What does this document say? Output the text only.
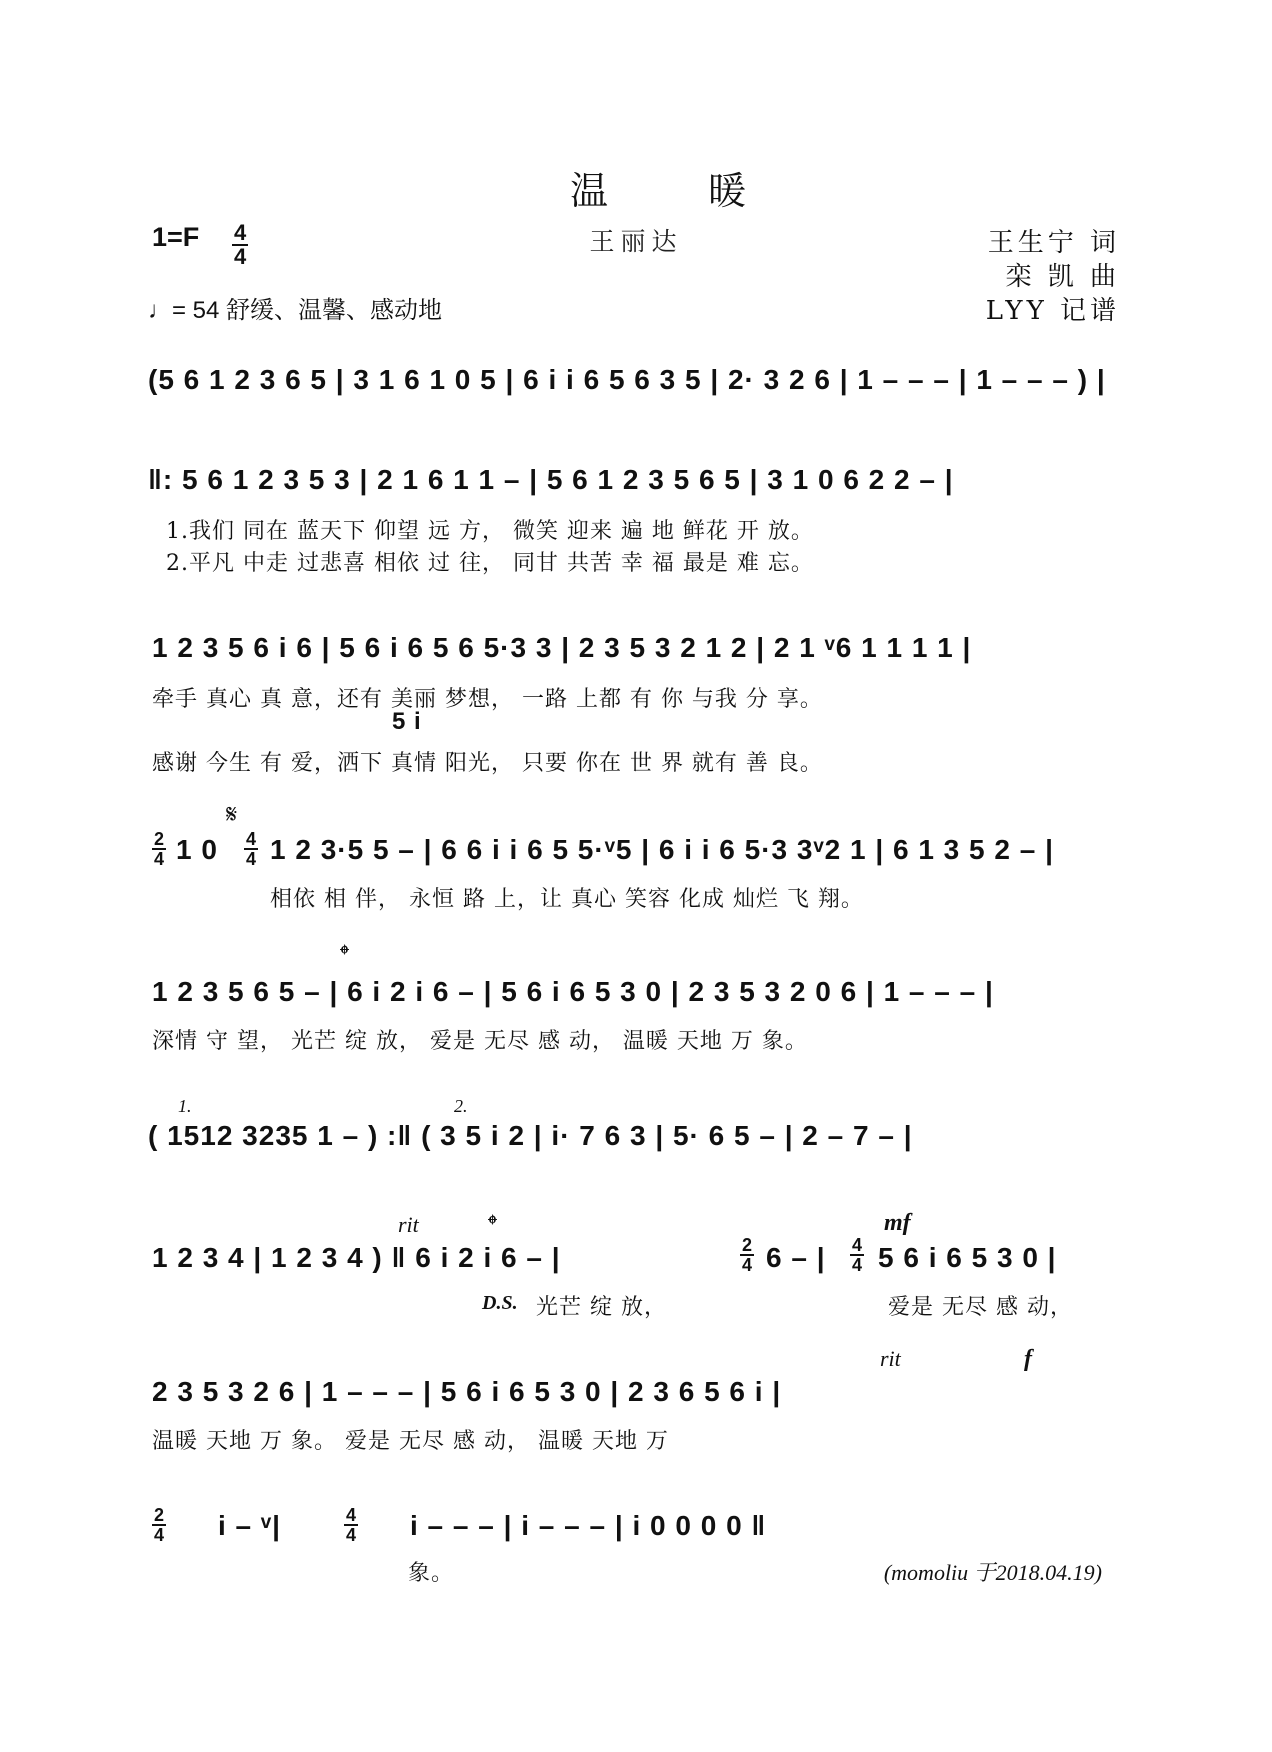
温 暖
王丽达
$1=F \frac{4}{4}$
♩= 54 舒缓、温馨、感动地
王生宁 词
栾 凯 曲
LYY 记谱
(5 6 1 2 3 6 5 | 3 1 6 1 0 5 | 6 i i 6 5 6 3 5 | 2· 3 2 6 | 1 – – – | 1 – – – ) |
‖: 5 6 1 2 3 5 3 | 2 1 6 1 1 – | 5 6 1 2 3 5 6 5 | 3 1 0 6 2 2 – |
1.我们 同在 蓝天下 仰望 远 方， 微笑 迎来 遍 地 鲜花 开 放。
2.平凡 中走 过悲喜 相依 过 往， 同甘 共苦 幸 福 最是 难 忘。
1 2 3 5 6 i 6 | 5 6 i 6 5 6 5·3 3 | 2 3 5 3 2 1 2 | 2 1 ᵛ6 1 1 1 1 |
牵手 真心 真 意，还有 美丽 梦想， 一路 上都 有 你 与我 分 享。
5 i
感谢 今生 有 爱，洒下 真情 阳光， 只要 你在 世 界 就有 善 良。
𝄋
$\frac{2}{4} 1$ $0 \frac{4}{4} 1$ 2 3·5 5 – | 6 6 i i 6 5 5·ᵛ5 | 6 i i 6 5·3 3ᵛ2 1 | 6 1 3 5 2 – |
相依 相 伴， 永恒 路 上，让 真心 笑容 化成 灿烂 飞 翔。
𝄌
1 2 3 5 6 5 – | 6 i 2 i 6 – | 5 6 i 6 5 3 0 | 2 3 5 3 2 0 6 | 1 – – – |
深情 守 望， 光芒 绽 放， 爱是 无尽 感 动， 温暖 天地 万 象。
1.	2.
( 1512 3235 1 – ) :‖ ( 3 5 i 2 | i· 7 6 3 | 5· 6 5 – | 2 – 7 – |
rit	mf
1 2 3 4 | 1 2 3 4 ) ‖ 6 i 2 i 6 – |	$\frac{2}{4} 6$ – | $\frac{4}{4} 5$ 6 i 6 5 3 0 |
D.S.
𝄌
光芒 绽 放，	爱是 无尽 感 动，
rit	f
2 3 5 3 2 6 | 1 – – – | 5 6 i 6 5 3 0 | 2 3 6 5 6 i |
温暖 天地 万 象。 爱是 无尽 感 动， 温暖 天地 万
$\frac{2}{4}$ i – ᵛ|	$\frac{4}{4}$ i – – – | i – – – | i 0 0 0 0 ‖
象。	(momoliu 于2018.04.19)
